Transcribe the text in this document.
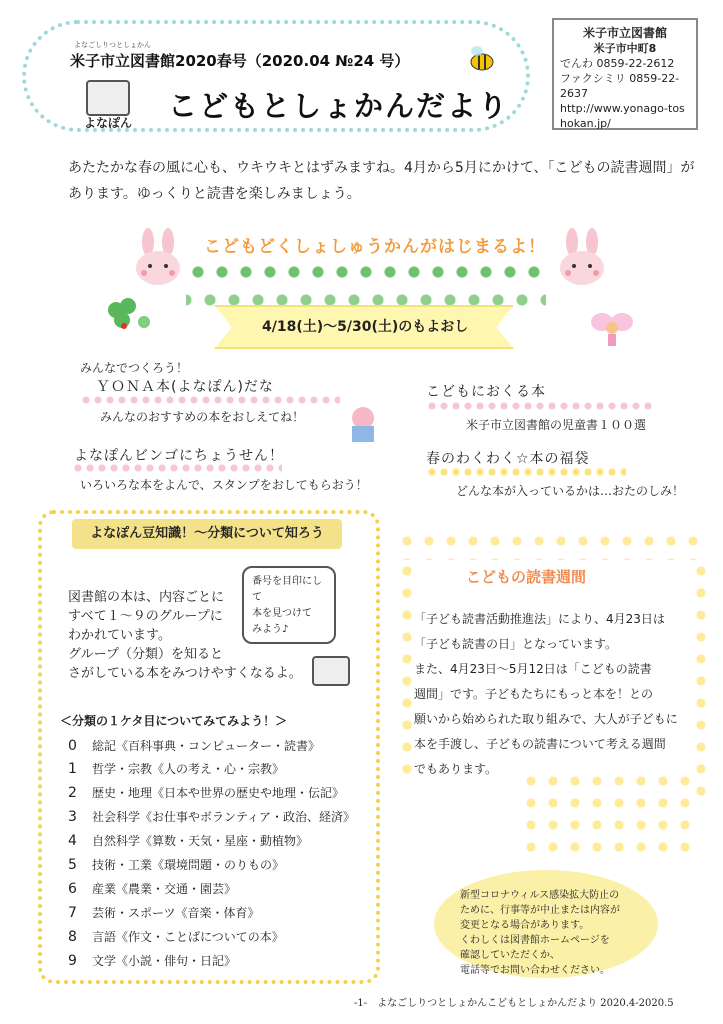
よなごしりつとしょかん
米子市立図書館2020春号（2020.04 №24 号）
こどもとしょかんだより
よなぽん
米子市立図書館
米子市中町8
でんわ 0859-22-2612
ファクシミリ 0859-22-2637
http://www.yonago-toshokan.jp/
あたたかな春の風に心も、ウキウキとはずみますね。4月から5月にかけて、「こどもの読書週間」があります。ゆっくりと読書を楽しみましょう。
こどもどくしょしゅうかんがはじまるよ！
4/18(土)～5/30(土)のもよおし
みんなでつくろう！
ＹＯＮＡ本(よなぽん)だな
みんなのおすすめの本をおしえてね！
よなぽんビンゴにちょうせん！
いろいろな本をよんで、スタンプをおしてもらおう！
こどもにおくる本
米子市立図書館の児童書１００選
春のわくわく☆本の福袋
どんな本が入っているかは…おたのしみ！
よなぽん豆知識！～分類について知ろう
図書館の本は、内容ごとに
すべて１～９のグループに
わかれています。
グループ（分類）を知ると
さがしている本をみつけやすくなるよ。
番号を目印にして
本を見つけて
みよう♪
＜分類の１ケタ目についてみてみよう！＞
0 総記《百科事典・コンピューター・読書》
1 哲学・宗教《人の考え・心・宗教》
2 歴史・地理《日本や世界の歴史や地理・伝記》
3 社会科学《お仕事やボランティア・政治、経済》
4 自然科学《算数・天気・星座・動植物》
5 技術・工業《環境問題・のりもの》
6 産業《農業・交通・園芸》
7 芸術・スポーツ《音楽・体育》
8 言語《作文・ことばについての本》
9 文学《小説・俳句・日記》
こどもの読書週間
「子ども読書活動推進法」により、4月23日は
「子ども読書の日」となっています。
また、4月23日～5月12日は「こどもの読書
週間」です。子どもたちにもっと本を！との
願いから始められた取り組みで、大人が子どもに
本を手渡し、子どもの読書について考える週間
でもあります。
新型コロナウィルス感染拡大防止の
ために、行事等が中止または内容が
変更となる場合があります。
くわしくは図書館ホームページを
確認していただくか、
電話等でお問い合わせください。
-1-　よなごしりつとしょかんこどもとしょかんだより 2020.4-2020.5
